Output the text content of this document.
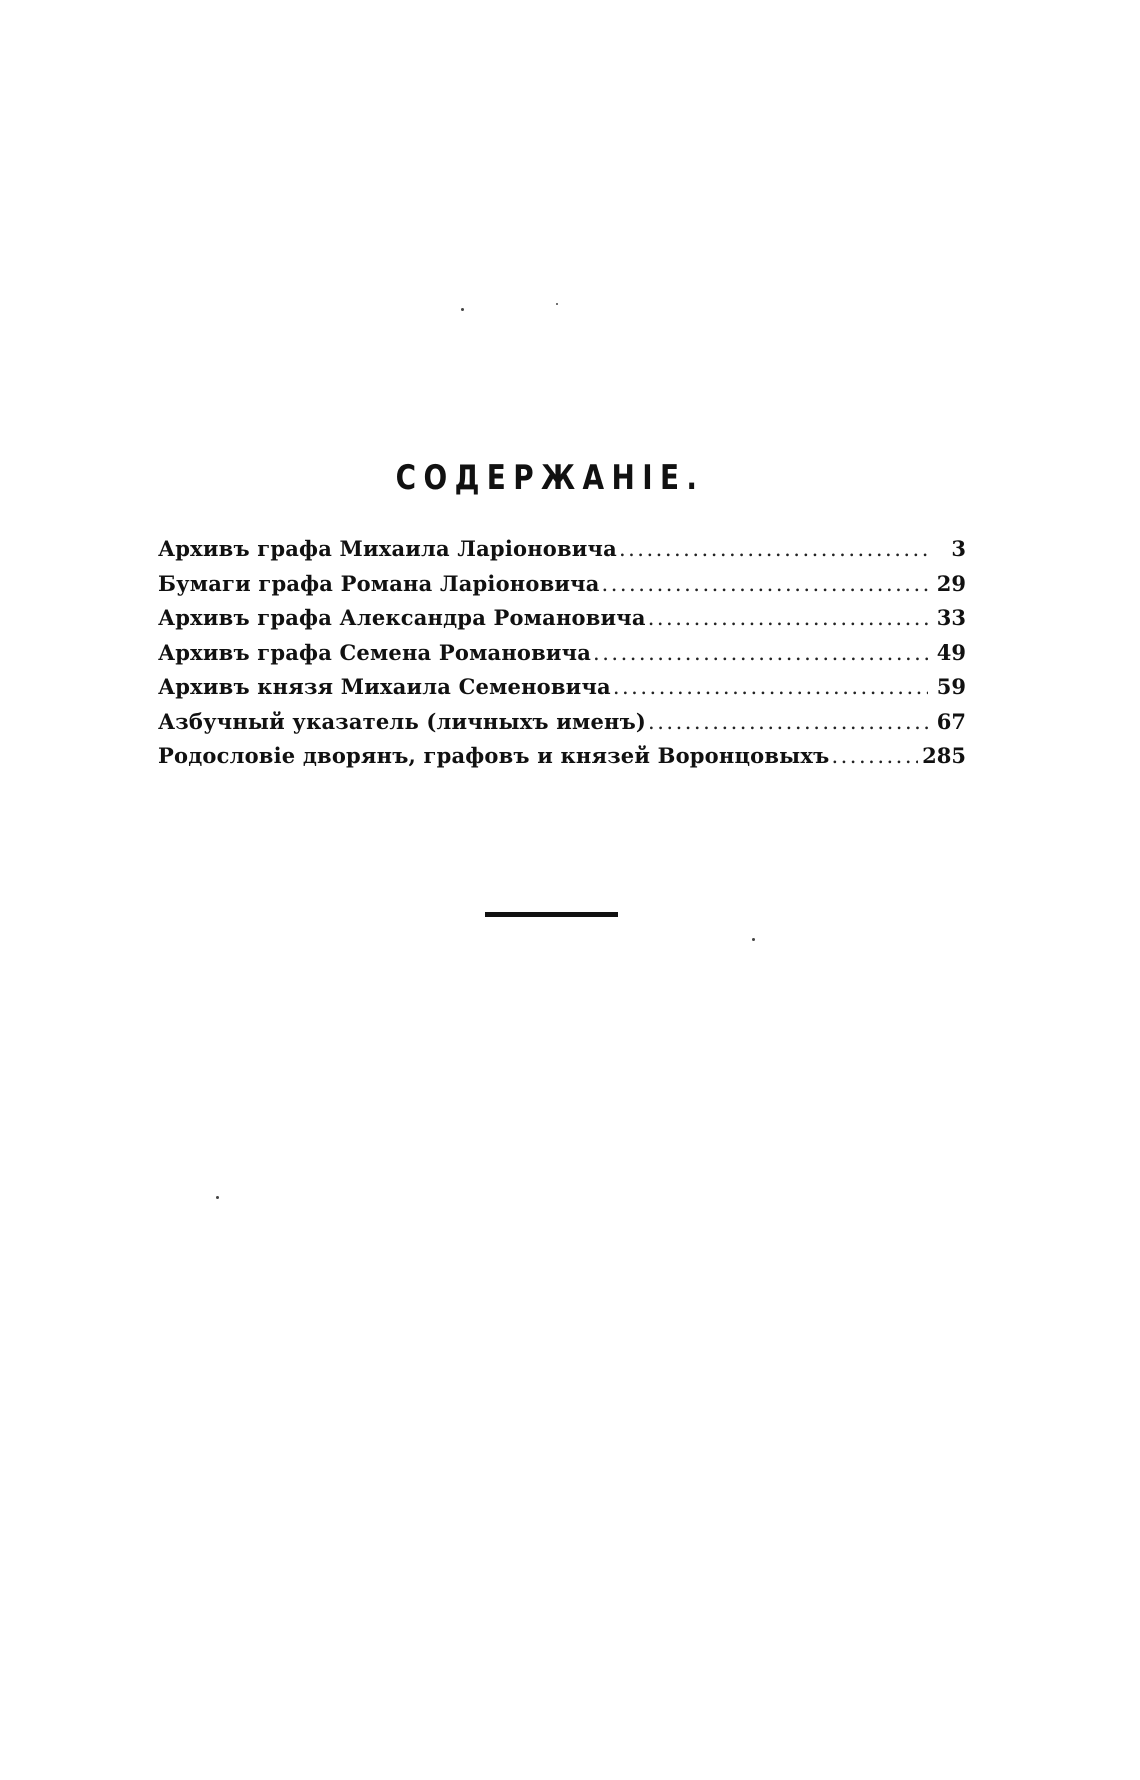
СОДЕРЖАНІЕ.
Архивъ графа Михаила Ларіоновича .....	3
Бумаги графа Романа Ларіоновича .....	29
Архивъ графа Александра Романовича .....	33
Архивъ графа Семена Романовича .....	49
Архивъ князя Михаила Семеновича .....	59
Азбучный указатель (личныхъ именъ) .....	67
Родословіе дворянъ, графовъ и князей Воронцовыхъ .....	285
